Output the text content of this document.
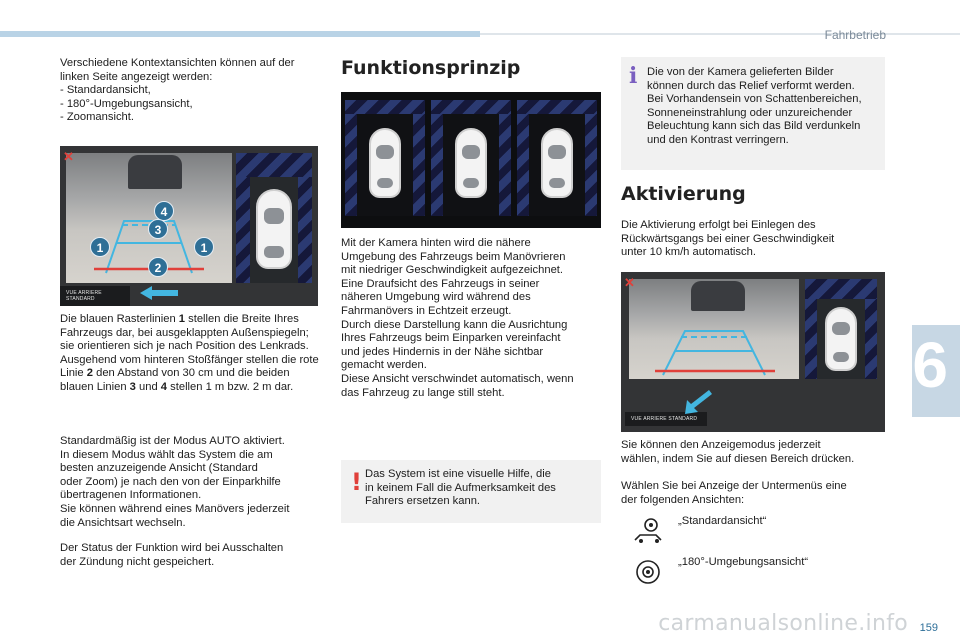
Fahrbetrieb
6
Verschiedene Kontextansichten können auf der
linken Seite angezeigt werden:
- Standardansicht,
- 180°-Umgebungsansicht,
- Zoomansicht.
4
3
1	1
2
✕
VUE ARRIERE STANDARD
Die blauen Rasterlinien 1 stellen die Breite Ihres Fahrzeugs dar, bei ausgeklappten Außenspiegeln; sie orientieren sich je nach Position des Lenkrads.
Ausgehend vom hinteren Stoßfänger stellen die rote Linie 2 den Abstand von 30 cm und die beiden blauen Linien 3 und 4 stellen 1 m bzw. 2 m dar.
Standardmäßig ist der Modus AUTO aktiviert.
In diesem Modus wählt das System die am
besten anzuzeigende Ansicht (Standard
oder Zoom) je nach den von der Einparkhilfe
übertragenen Informationen.
Sie können während eines Manövers jederzeit
die Ansichtsart wechseln.
Der Status der Funktion wird bei Ausschalten
der Zündung nicht gespeichert.
Funktionsprinzip
Mit der Kamera hinten wird die nähere
Umgebung des Fahrzeugs beim Manövrieren
mit niedriger Geschwindigkeit aufgezeichnet.
Eine Draufsicht des Fahrzeugs in seiner
näheren Umgebung wird während des
Fahrmanövers in Echtzeit erzeugt.
Durch diese Darstellung kann die Ausrichtung
Ihres Fahrzeugs beim Einparken vereinfacht
und jedes Hindernis in der Nähe sichtbar
gemacht werden.
Diese Ansicht verschwindet automatisch, wenn
das Fahrzeug zu lange still steht.
! Das System ist eine visuelle Hilfe, die
in keinem Fall die Aufmerksamkeit des
Fahrers ersetzen kann.
i Die von der Kamera gelieferten Bilder
können durch das Relief verformt werden.
Bei Vorhandensein von Schattenbereichen,
Sonneneinstrahlung oder unzureichender
Beleuchtung kann sich das Bild verdunkeln
und den Kontrast verringern.
Aktivierung
Die Aktivierung erfolgt bei Einlegen des
Rückwärtsgangs bei einer Geschwindigkeit
unter 10 km/h automatisch.
✕
VUE ARRIERE STANDARD
Sie können den Anzeigemodus jederzeit
wählen, indem Sie auf diesen Bereich drücken.
Wählen Sie bei Anzeige der Untermenüs eine
der folgenden Ansichten:
„Standardansicht“
„180°-Umgebungsansicht“
carmanualsonline.info 159
